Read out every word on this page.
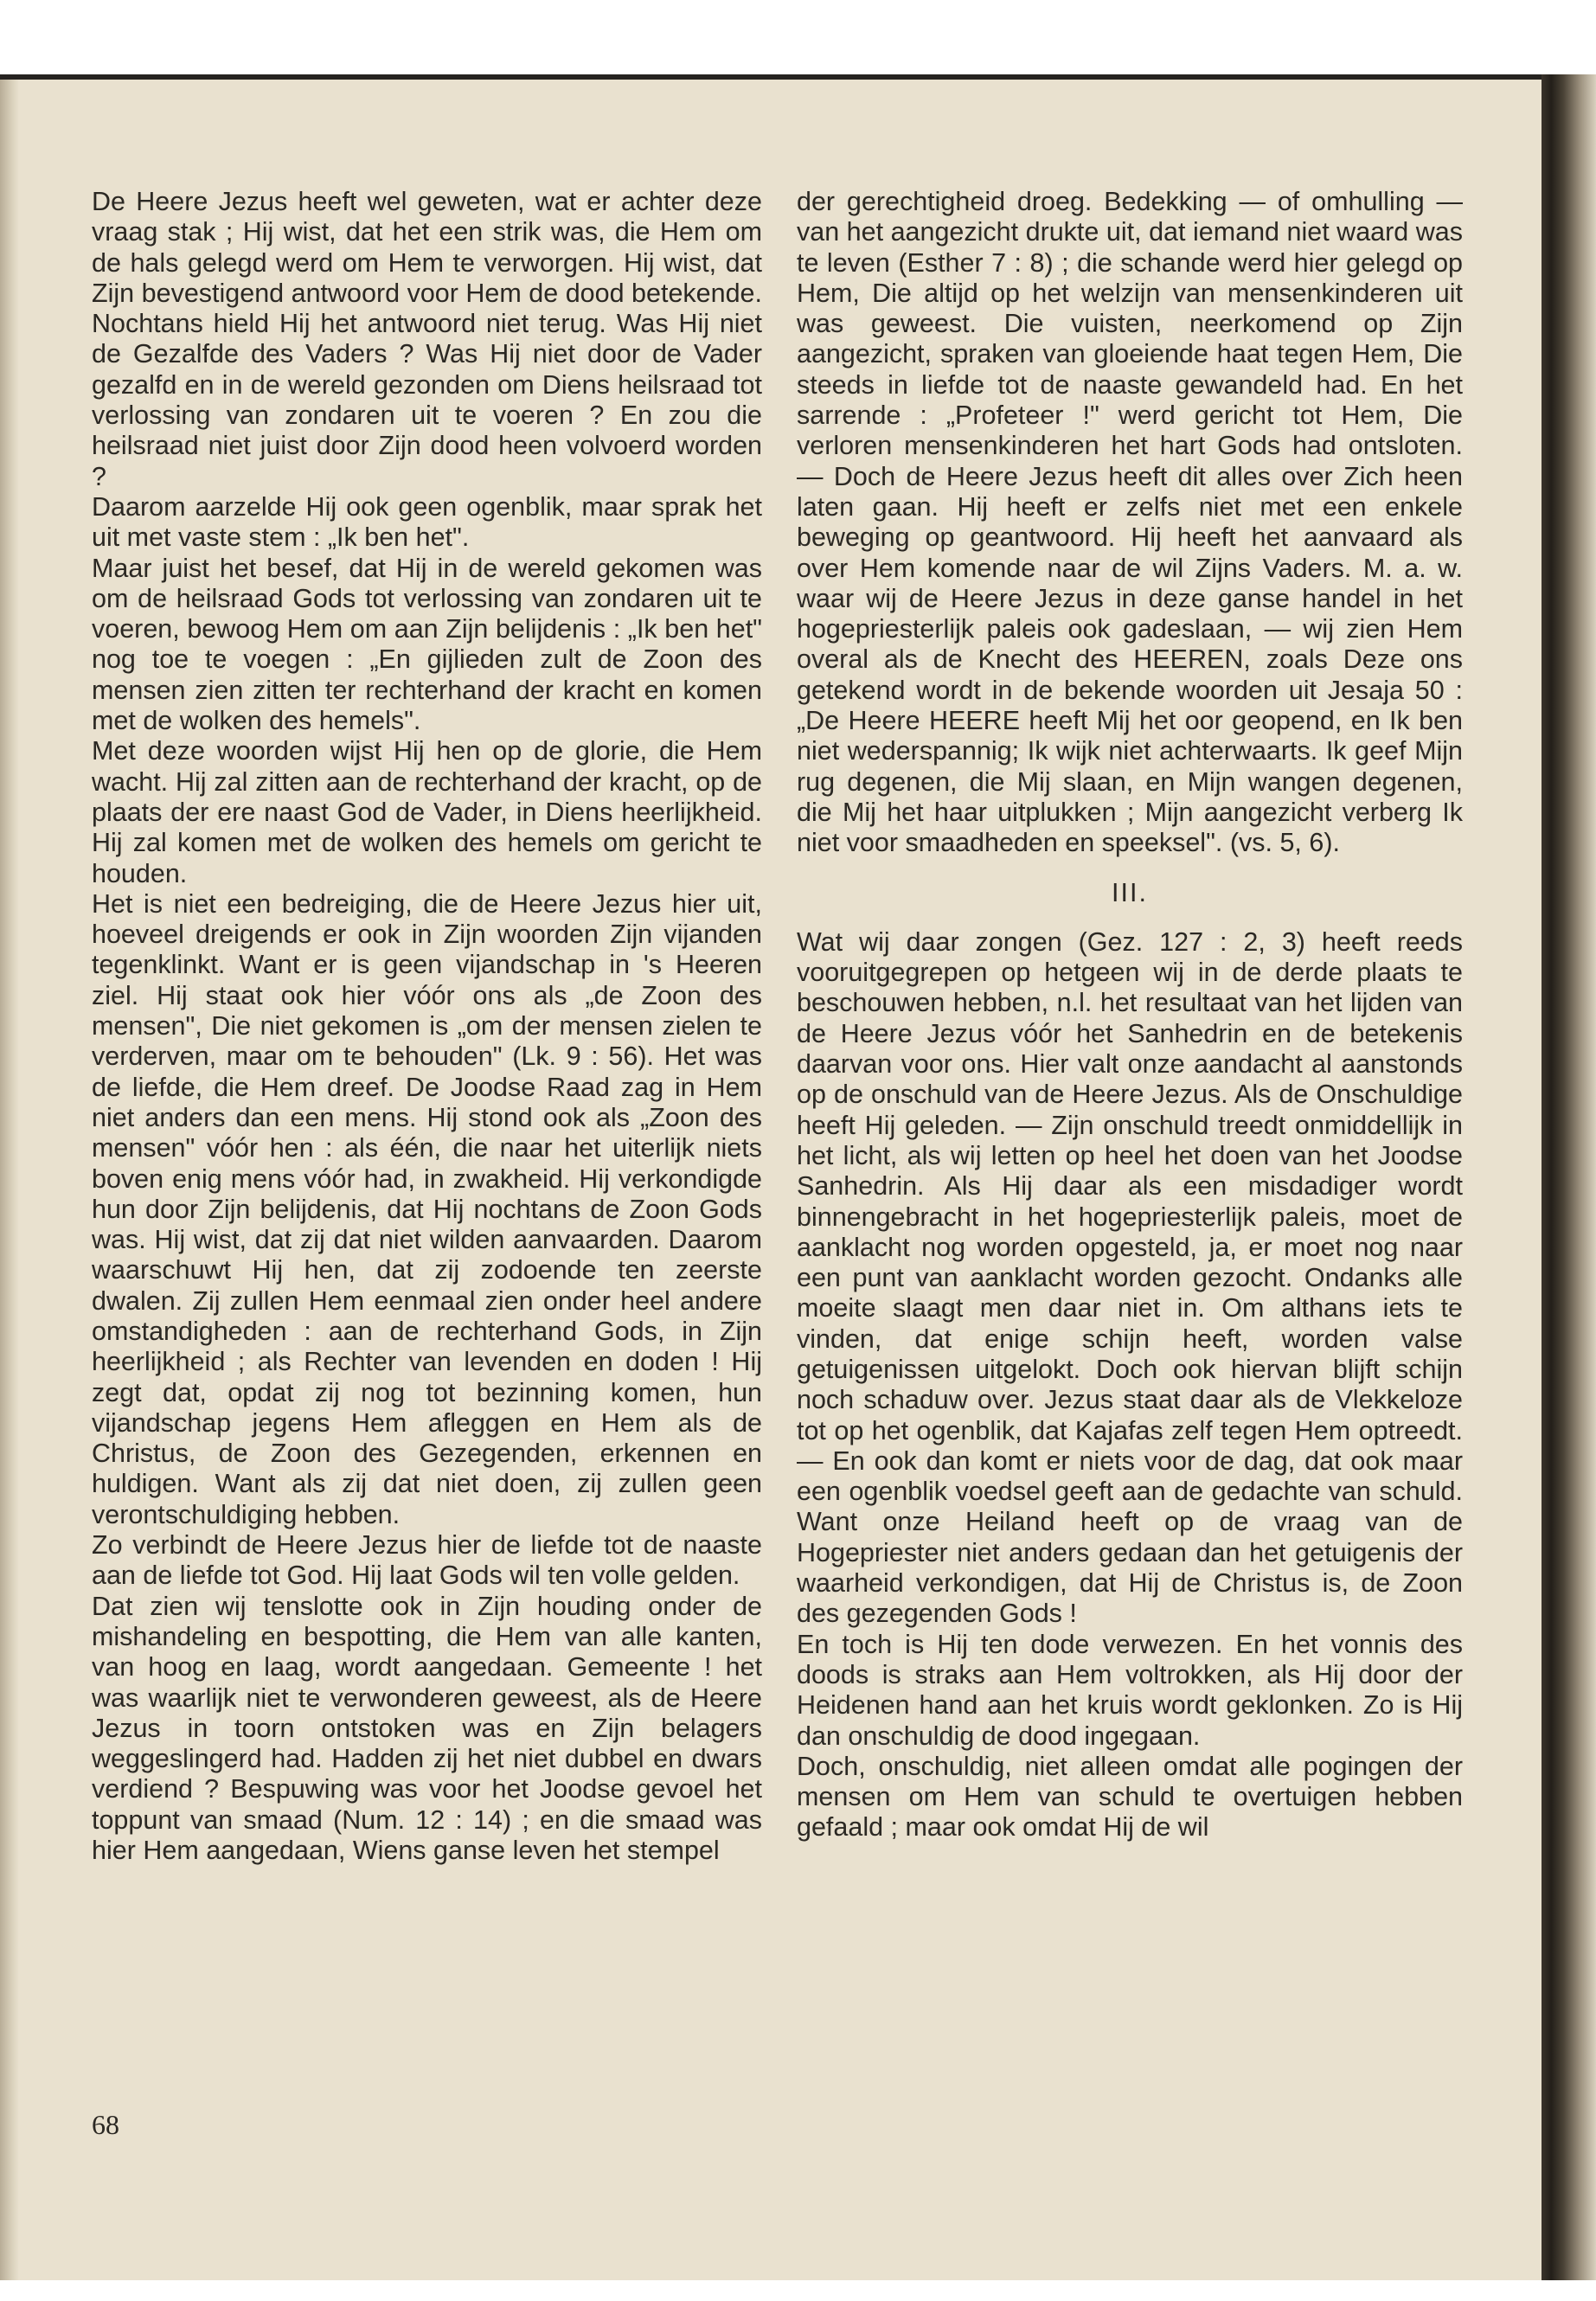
De Heere Jezus heeft wel geweten, wat er achter deze vraag stak ; Hij wist, dat het een strik was, die Hem om de hals gelegd werd om Hem te verworgen. Hij wist, dat Zijn bevestigend antwoord voor Hem de dood betekende. Nochtans hield Hij het antwoord niet terug. Was Hij niet de Gezalfde des Vaders ? Was Hij niet door de Vader gezalfd en in de wereld gezonden om Diens heilsraad tot verlossing van zondaren uit te voeren ? En zou die heilsraad niet juist door Zijn dood heen volvoerd worden ?

Daarom aarzelde Hij ook geen ogenblik, maar sprak het uit met vaste stem : „Ik ben het".

Maar juist het besef, dat Hij in de wereld gekomen was om de heilsraad Gods tot verlossing van zondaren uit te voeren, bewoog Hem om aan Zijn belijdenis : „Ik ben het" nog toe te voegen : „En gijlieden zult de Zoon des mensen zien zitten ter rechterhand der kracht en komen met de wolken des hemels".

Met deze woorden wijst Hij hen op de glorie, die Hem wacht. Hij zal zitten aan de rechterhand der kracht, op de plaats der ere naast God de Vader, in Diens heerlijkheid. Hij zal komen met de wolken des hemels om gericht te houden.

Het is niet een bedreiging, die de Heere Jezus hier uit, hoeveel dreigends er ook in Zijn woorden Zijn vijanden tegenklinkt. Want er is geen vijandschap in 's Heeren ziel. Hij staat ook hier vóór ons als „de Zoon des mensen", Die niet gekomen is „om der mensen zielen te verderven, maar om te behouden" (Lk. 9 : 56). Het was de liefde, die Hem dreef. De Joodse Raad zag in Hem niet anders dan een mens. Hij stond ook als „Zoon des mensen" vóór hen : als één, die naar het uiterlijk niets boven enig mens vóór had, in zwakheid. Hij verkondigde hun door Zijn belijdenis, dat Hij nochtans de Zoon Gods was. Hij wist, dat zij dat niet wilden aanvaarden. Daarom waarschuwt Hij hen, dat zij zodoende ten zeerste dwalen. Zij zullen Hem eenmaal zien onder heel andere omstandigheden : aan de rechterhand Gods, in Zijn heerlijkheid ; als Rechter van levenden en doden ! Hij zegt dat, opdat zij nog tot bezinning komen, hun vijandschap jegens Hem afleggen en Hem als de Christus, de Zoon des Gezegenden, erkennen en huldigen. Want als zij dat niet doen, zij zullen geen verontschuldiging hebben.

Zo verbindt de Heere Jezus hier de liefde tot de naaste aan de liefde tot God. Hij laat Gods wil ten volle gelden.

Dat zien wij tenslotte ook in Zijn houding onder de mishandeling en bespotting, die Hem van alle kanten, van hoog en laag, wordt aangedaan. Gemeente ! het was waarlijk niet te verwonderen geweest, als de Heere Jezus in toorn ontstoken was en Zijn belagers weggeslingerd had. Hadden zij het niet dubbel en dwars verdiend ? Bespuwing was voor het Joodse gevoel het toppunt van smaad (Num. 12 : 14) ; en die smaad was hier Hem aangedaan, Wiens ganse leven het stempel

der gerechtigheid droeg. Bedekking — of omhulling — van het aangezicht drukte uit, dat iemand niet waard was te leven (Esther 7 : 8) ; die schande werd hier gelegd op Hem, Die altijd op het welzijn van mensenkinderen uit was geweest. Die vuisten, neerkomend op Zijn aangezicht, spraken van gloeiende haat tegen Hem, Die steeds in liefde tot de naaste gewandeld had. En het sarrende : „Profeteer !" werd gericht tot Hem, Die verloren mensenkinderen het hart Gods had ontsloten. — Doch de Heere Jezus heeft dit alles over Zich heen laten gaan. Hij heeft er zelfs niet met een enkele beweging op geantwoord. Hij heeft het aanvaard als over Hem komende naar de wil Zijns Vaders. M. a. w. waar wij de Heere Jezus in deze ganse handel in het hogepriesterlijk paleis ook gadeslaan, — wij zien Hem overal als de Knecht des HEEREN, zoals Deze ons getekend wordt in de bekende woorden uit Jesaja 50 : „De Heere HEERE heeft Mij het oor geopend, en Ik ben niet wederspannig; Ik wijk niet achterwaarts. Ik geef Mijn rug degenen, die Mij slaan, en Mijn wangen degenen, die Mij het haar uitplukken ; Mijn aangezicht verberg Ik niet voor smaadheden en speeksel". (vs. 5, 6).

III.

Wat wij daar zongen (Gez. 127 : 2, 3) heeft reeds vooruitgegrepen op hetgeen wij in de derde plaats te beschouwen hebben, n.l. het resultaat van het lijden van de Heere Jezus vóór het Sanhedrin en de betekenis daarvan voor ons. Hier valt onze aandacht al aanstonds op de onschuld van de Heere Jezus. Als de Onschuldige heeft Hij geleden. — Zijn onschuld treedt onmiddellijk in het licht, als wij letten op heel het doen van het Joodse Sanhedrin. Als Hij daar als een misdadiger wordt binnengebracht in het hogepriesterlijk paleis, moet de aanklacht nog worden opgesteld, ja, er moet nog naar een punt van aanklacht worden gezocht. Ondanks alle moeite slaagt men daar niet in. Om althans iets te vinden, dat enige schijn heeft, worden valse getuigenissen uitgelokt. Doch ook hiervan blijft schijn noch schaduw over. Jezus staat daar als de Vlekkeloze tot op het ogenblik, dat Kajafas zelf tegen Hem optreedt. — En ook dan komt er niets voor de dag, dat ook maar een ogenblik voedsel geeft aan de gedachte van schuld. Want onze Heiland heeft op de vraag van de Hogepriester niet anders gedaan dan het getuigenis der waarheid verkondigen, dat Hij de Christus is, de Zoon des gezegenden Gods !

En toch is Hij ten dode verwezen. En het vonnis des doods is straks aan Hem voltrokken, als Hij door der Heidenen hand aan het kruis wordt geklonken. Zo is Hij dan onschuldig de dood ingegaan.

Doch, onschuldig, niet alleen omdat alle pogingen der mensen om Hem van schuld te overtuigen hebben gefaald ; maar ook omdat Hij de wil

68
